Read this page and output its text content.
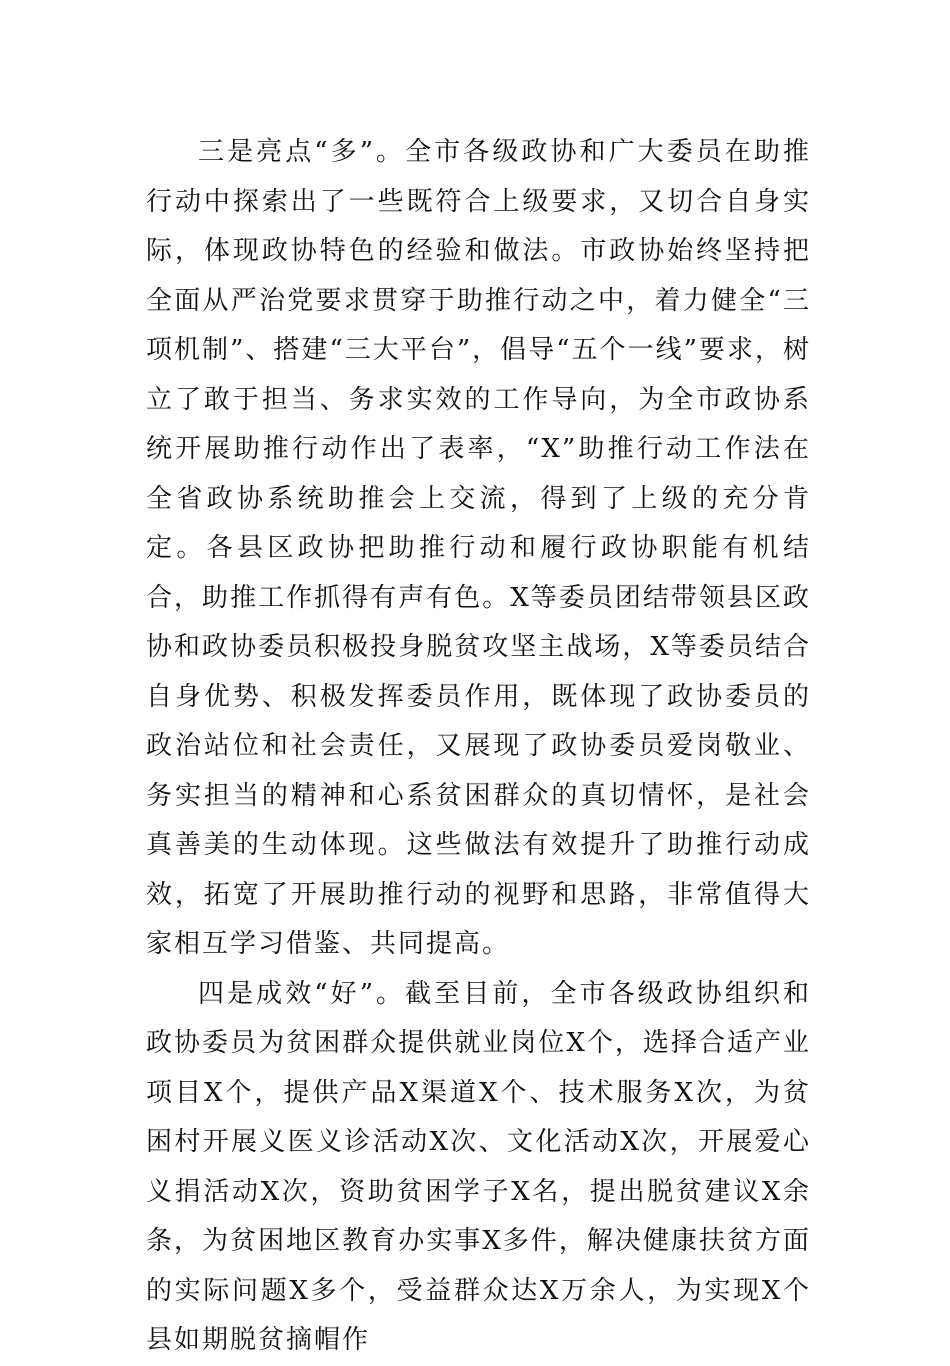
三是亮点“多”。全市各级政协和广大委员在助推行动中探索出了一些既符合上级要求，又切合自身实际，体现政协特色的经验和做法。市政协始终坚持把全面从严治党要求贯穿于助推行动之中，着力健全“三项机制”、搭建“三大平台”，倡导“五个一线”要求，树立了敢于担当、务求实效的工作导向，为全市政协系统开展助推行动作出了表率，“X”助推行动工作法在全省政协系统助推会上交流，得到了上级的充分肯定。各县区政协把助推行动和履行政协职能有机结合，助推工作抓得有声有色。X等委员团结带领县区政协和政协委员积极投身脱贫攻坚主战场，X等委员结合自身优势、积极发挥委员作用，既体现了政协委员的政治站位和社会责任，又展现了政协委员爱岗敬业、务实担当的精神和心系贫困群众的真切情怀，是社会真善美的生动体现。这些做法有效提升了助推行动成效，拓宽了开展助推行动的视野和思路，非常值得大家相互学习借鉴、共同提高。

四是成效“好”。截至目前，全市各级政协组织和政协委员为贫困群众提供就业岗位X个，选择合适产业项目X个，提供产品X渠道X个、技术服务X次，为贫困村开展义医义诊活动X次、文化活动X次，开展爱心义捐活动X次，资助贫困学子X名，提出脱贫建议X余条，为贫困地区教育办实事X多件，解决健康扶贫方面的实际问题X多个，受益群众达X万余人，为实现X个县如期脱贫摘帽作
